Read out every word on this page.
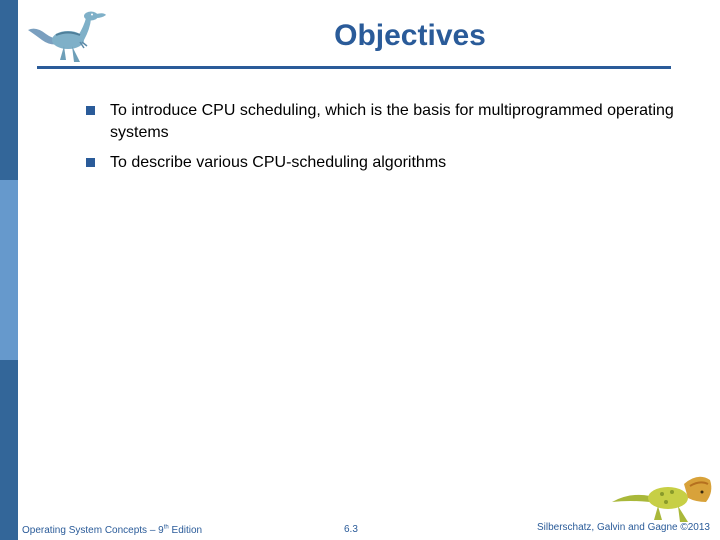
Objectives
To introduce CPU scheduling, which is the basis for multiprogrammed operating systems
To describe various CPU-scheduling algorithms
Operating System Concepts – 9th Edition	6.3	Silberschatz, Galvin and Gagne ©2013
